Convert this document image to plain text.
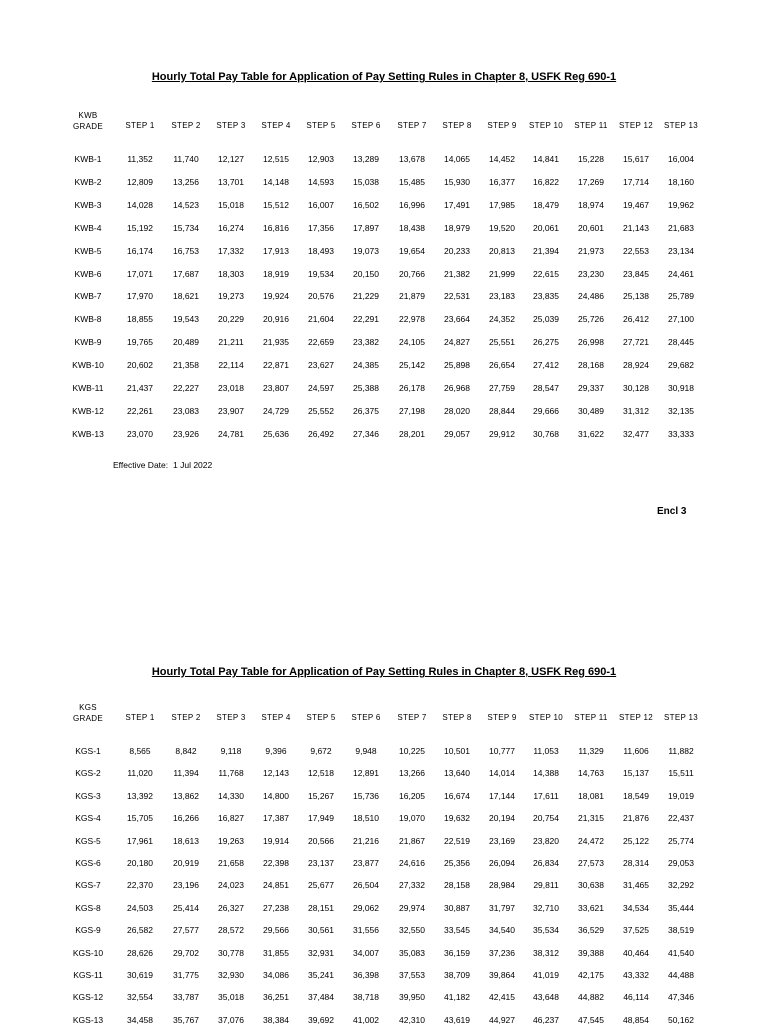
Hourly Total Pay Table for Application of Pay Setting Rules in Chapter 8, USFK Reg 690-1
KWB
GRADE	STEP 1 STEP 2 STEP 3 STEP 4 STEP 5 STEP 6 STEP 7 STEP 8 STEP 9 STEP 10 STEP 11 STEP 12 STEP 13
KWB-1	11,352 11,740 12,127 12,515 12,903 13,289 13,678 14,065 14,452 14,841 15,228 15,617 16,004
KWB-2	12,809 13,256 13,701 14,148 14,593 15,038 15,485 15,930 16,377 16,822 17,269 17,714 18,160
KWB-3	14,028 14,523 15,018 15,512 16,007 16,502 16,996 17,491 17,985 18,479 18,974 19,467 19,962
KWB-4	15,192 15,734 16,274 16,816 17,356 17,897 18,438 18,979 19,520 20,061 20,601 21,143 21,683
KWB-5	16,174 16,753 17,332 17,913 18,493 19,073 19,654 20,233 20,813 21,394 21,973 22,553 23,134
KWB-6	17,071 17,687 18,303 18,919 19,534 20,150 20,766 21,382 21,999 22,615 23,230 23,845 24,461
KWB-7	17,970 18,621 19,273 19,924 20,576 21,229 21,879 22,531 23,183 23,835 24,486 25,138 25,789
KWB-8	18,855 19,543 20,229 20,916 21,604 22,291 22,978 23,664 24,352 25,039 25,726 26,412 27,100
KWB-9	19,765 20,489 21,211 21,935 22,659 23,382 24,105 24,827 25,551 26,275 26,998 27,721 28,445
KWB-10	20,602 21,358 22,114 22,871 23,627 24,385 25,142 25,898 26,654 27,412 28,168 28,924 29,682
KWB-11	21,437 22,227 23,018 23,807 24,597 25,388 26,178 26,968 27,759 28,547 29,337 30,128 30,918
KWB-12	22,261 23,083 23,907 24,729 25,552 26,375 27,198 28,020 28,844 29,666 30,489 31,312 32,135
KWB-13	23,070 23,926 24,781 25,636 26,492 27,346 28,201 29,057 29,912 30,768 31,622 32,477 33,333
Effective Date: 1 Jul 2022
Encl 3
Hourly Total Pay Table for Application of Pay Setting Rules in Chapter 8, USFK Reg 690-1
KGS
GRADE	STEP 1 STEP 2 STEP 3 STEP 4 STEP 5 STEP 6 STEP 7 STEP 8 STEP 9 STEP 10 STEP 11 STEP 12 STEP 13
KGS-1	8,565	8,842	9,118	9,396	9,672	9,948	10,225 10,501 10,777 11,053 11,329 11,606 11,882
KGS-2	11,020 11,394 11,768 12,143 12,518 12,891 13,266 13,640 14,014 14,388 14,763 15,137 15,511
KGS-3	13,392 13,862 14,330 14,800 15,267 15,736 16,205 16,674 17,144 17,611 18,081 18,549 19,019
KGS-4	15,705 16,266 16,827 17,387 17,949 18,510 19,070 19,632 20,194 20,754 21,315 21,876 22,437
KGS-5	17,961 18,613 19,263 19,914 20,566 21,216 21,867 22,519 23,169 23,820 24,472 25,122 25,774
KGS-6	20,180 20,919 21,658 22,398 23,137 23,877 24,616 25,356 26,094 26,834 27,573 28,314 29,053
KGS-7	22,370 23,196 24,023 24,851 25,677 26,504 27,332 28,158 28,984 29,811 30,638 31,465 32,292
KGS-8	24,503 25,414 26,327 27,238 28,151 29,062 29,974 30,887 31,797 32,710 33,621 34,534 35,444
KGS-9	26,582 27,577 28,572 29,566 30,561 31,556 32,550 33,545 34,540 35,534 36,529 37,525 38,519
KGS-10	28,626 29,702 30,778 31,855 32,931 34,007 35,083 36,159 37,236 38,312 39,388 40,464 41,540
KGS-11	30,619 31,775 32,930 34,086 35,241 36,398 37,553 38,709 39,864 41,019 42,175 43,332 44,488
KGS-12	32,554 33,787 35,018 36,251 37,484 38,718 39,950 41,182 42,415 43,648 44,882 46,114 47,346
KGS-13	34,458 35,767 37,076 38,384 39,692 41,002 42,310 43,619 44,927 46,237 47,545 48,854 50,162
